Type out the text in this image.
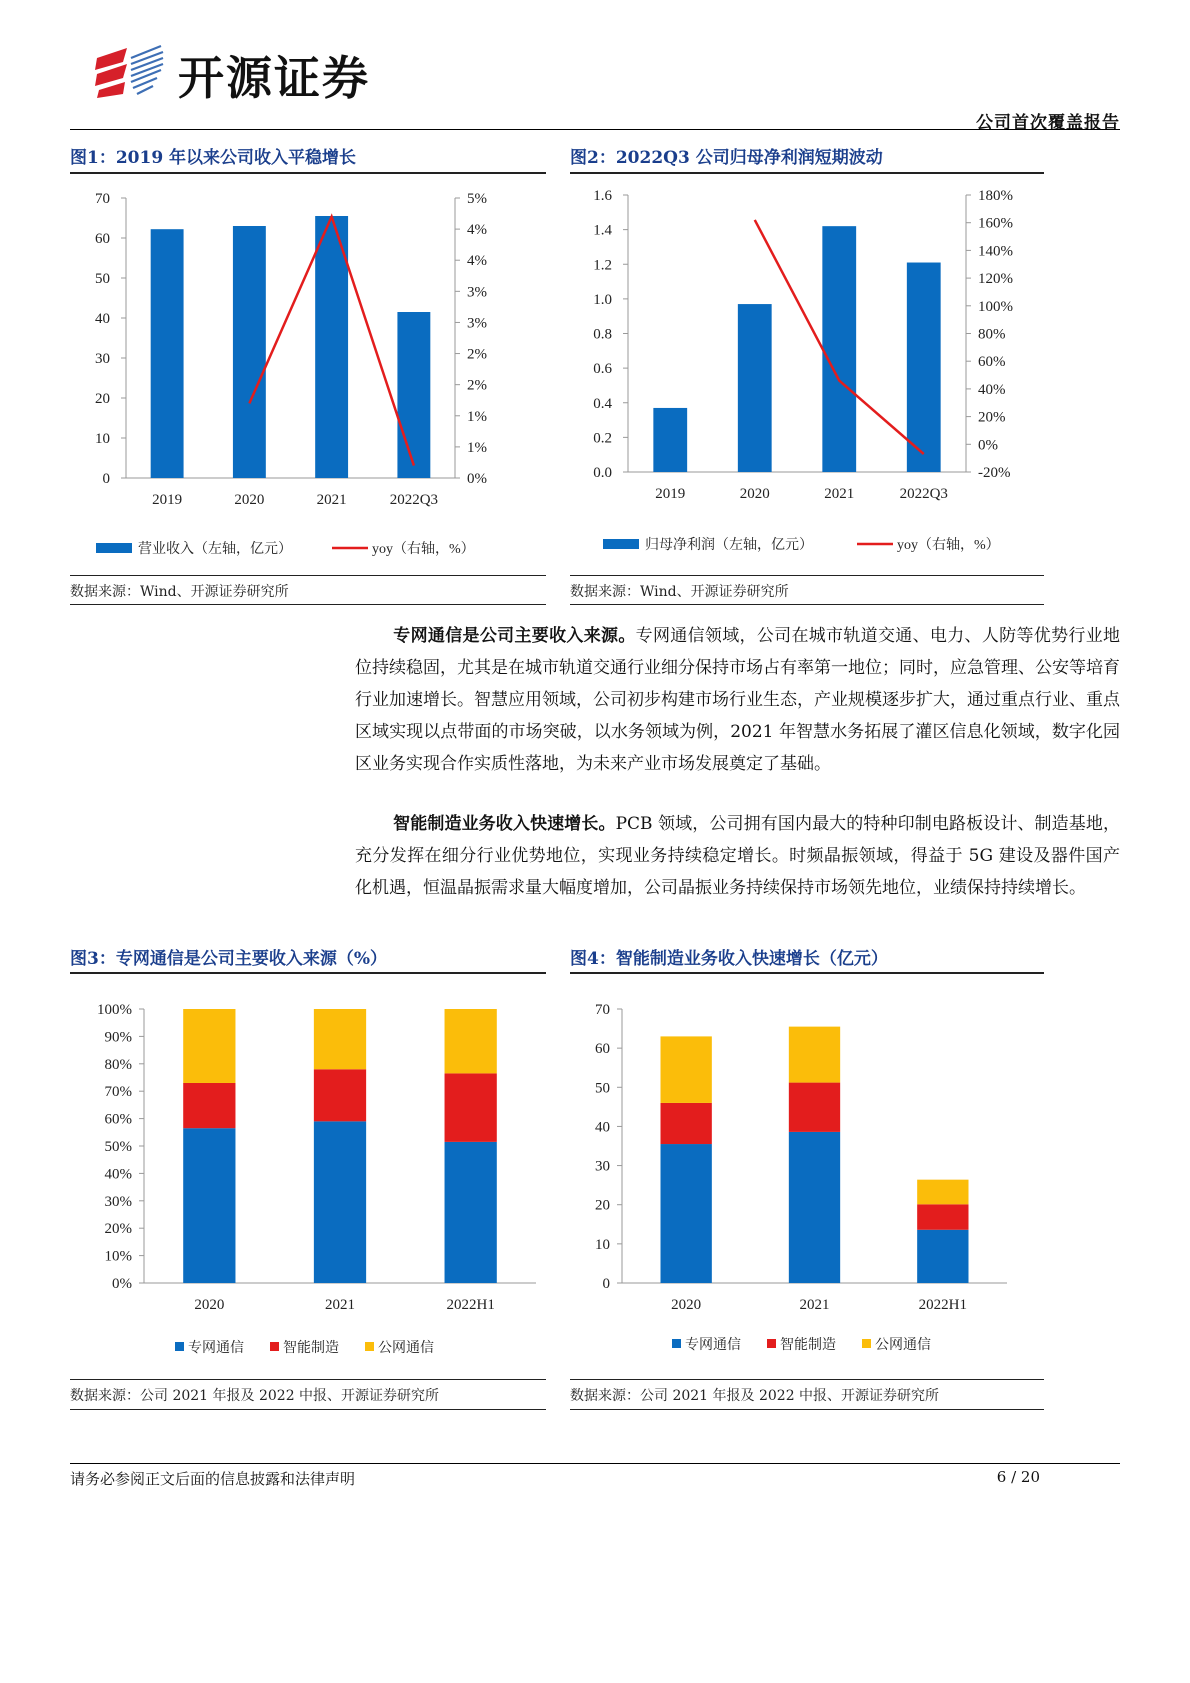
开源证券
公司首次覆盖报告
图1：2019 年以来公司收入平稳增长	图2：2022Q3 公司归母净利润短期波动
0
10
20
30
40
50
60
70
0%
1%
1%
2%
2%
3%
3%
4%
4%
5%
2019	2020	2021	2022Q3
营业收入（左轴，亿元）	yoy（右轴，%）
0.0
0.2
0.4
0.6
0.8
1.0
1.2
1.4
1.6
-20%
0%
20%
40%
60%
80%
100%
120%
140%
160%
180%
2019	2020	2021	2022Q3
归母净利润（左轴，亿元）	yoy（右轴，%）
数据来源：Wind、开源证券研究所	数据来源：Wind、开源证券研究所
专网通信是公司主要收入来源。专网通信领域，公司在城市轨道交通、电力、人防等优势行业地位持续稳固，尤其是在城市轨道交通行业细分保持市场占有率第一地位；同时，应急管理、公安等培育行业加速增长。智慧应用领域，公司初步构建市场行业生态，产业规模逐步扩大，通过重点行业、重点区域实现以点带面的市场突破，以水务领域为例，2021 年智慧水务拓展了灌区信息化领域，数字化园区业务实现合作实质性落地，为未来产业市场发展奠定了基础。
智能制造业务收入快速增长。PCB 领域，公司拥有国内最大的特种印制电路板设计、制造基地，充分发挥在细分行业优势地位，实现业务持续稳定增长。时频晶振领域，得益于 5G 建设及器件国产化机遇，恒温晶振需求量大幅度增加，公司晶振业务持续保持市场领先地位，业绩保持持续增长。
图3：专网通信是公司主要收入来源（%）	图4：智能制造业务收入快速增长（亿元）
0%
10%
20%
30%
40%
50%
60%
70%
80%
90%
100%
2020	2021	2022H1
专网通信	智能制造	公网通信
0
10
20
30
40
50
60
70
2020	2021	2022H1
专网通信	智能制造	公网通信
数据来源：公司 2021 年报及 2022 中报、开源证券研究所	数据来源：公司 2021 年报及 2022 中报、开源证券研究所
请务必参阅正文后面的信息披露和法律声明	6 / 20
